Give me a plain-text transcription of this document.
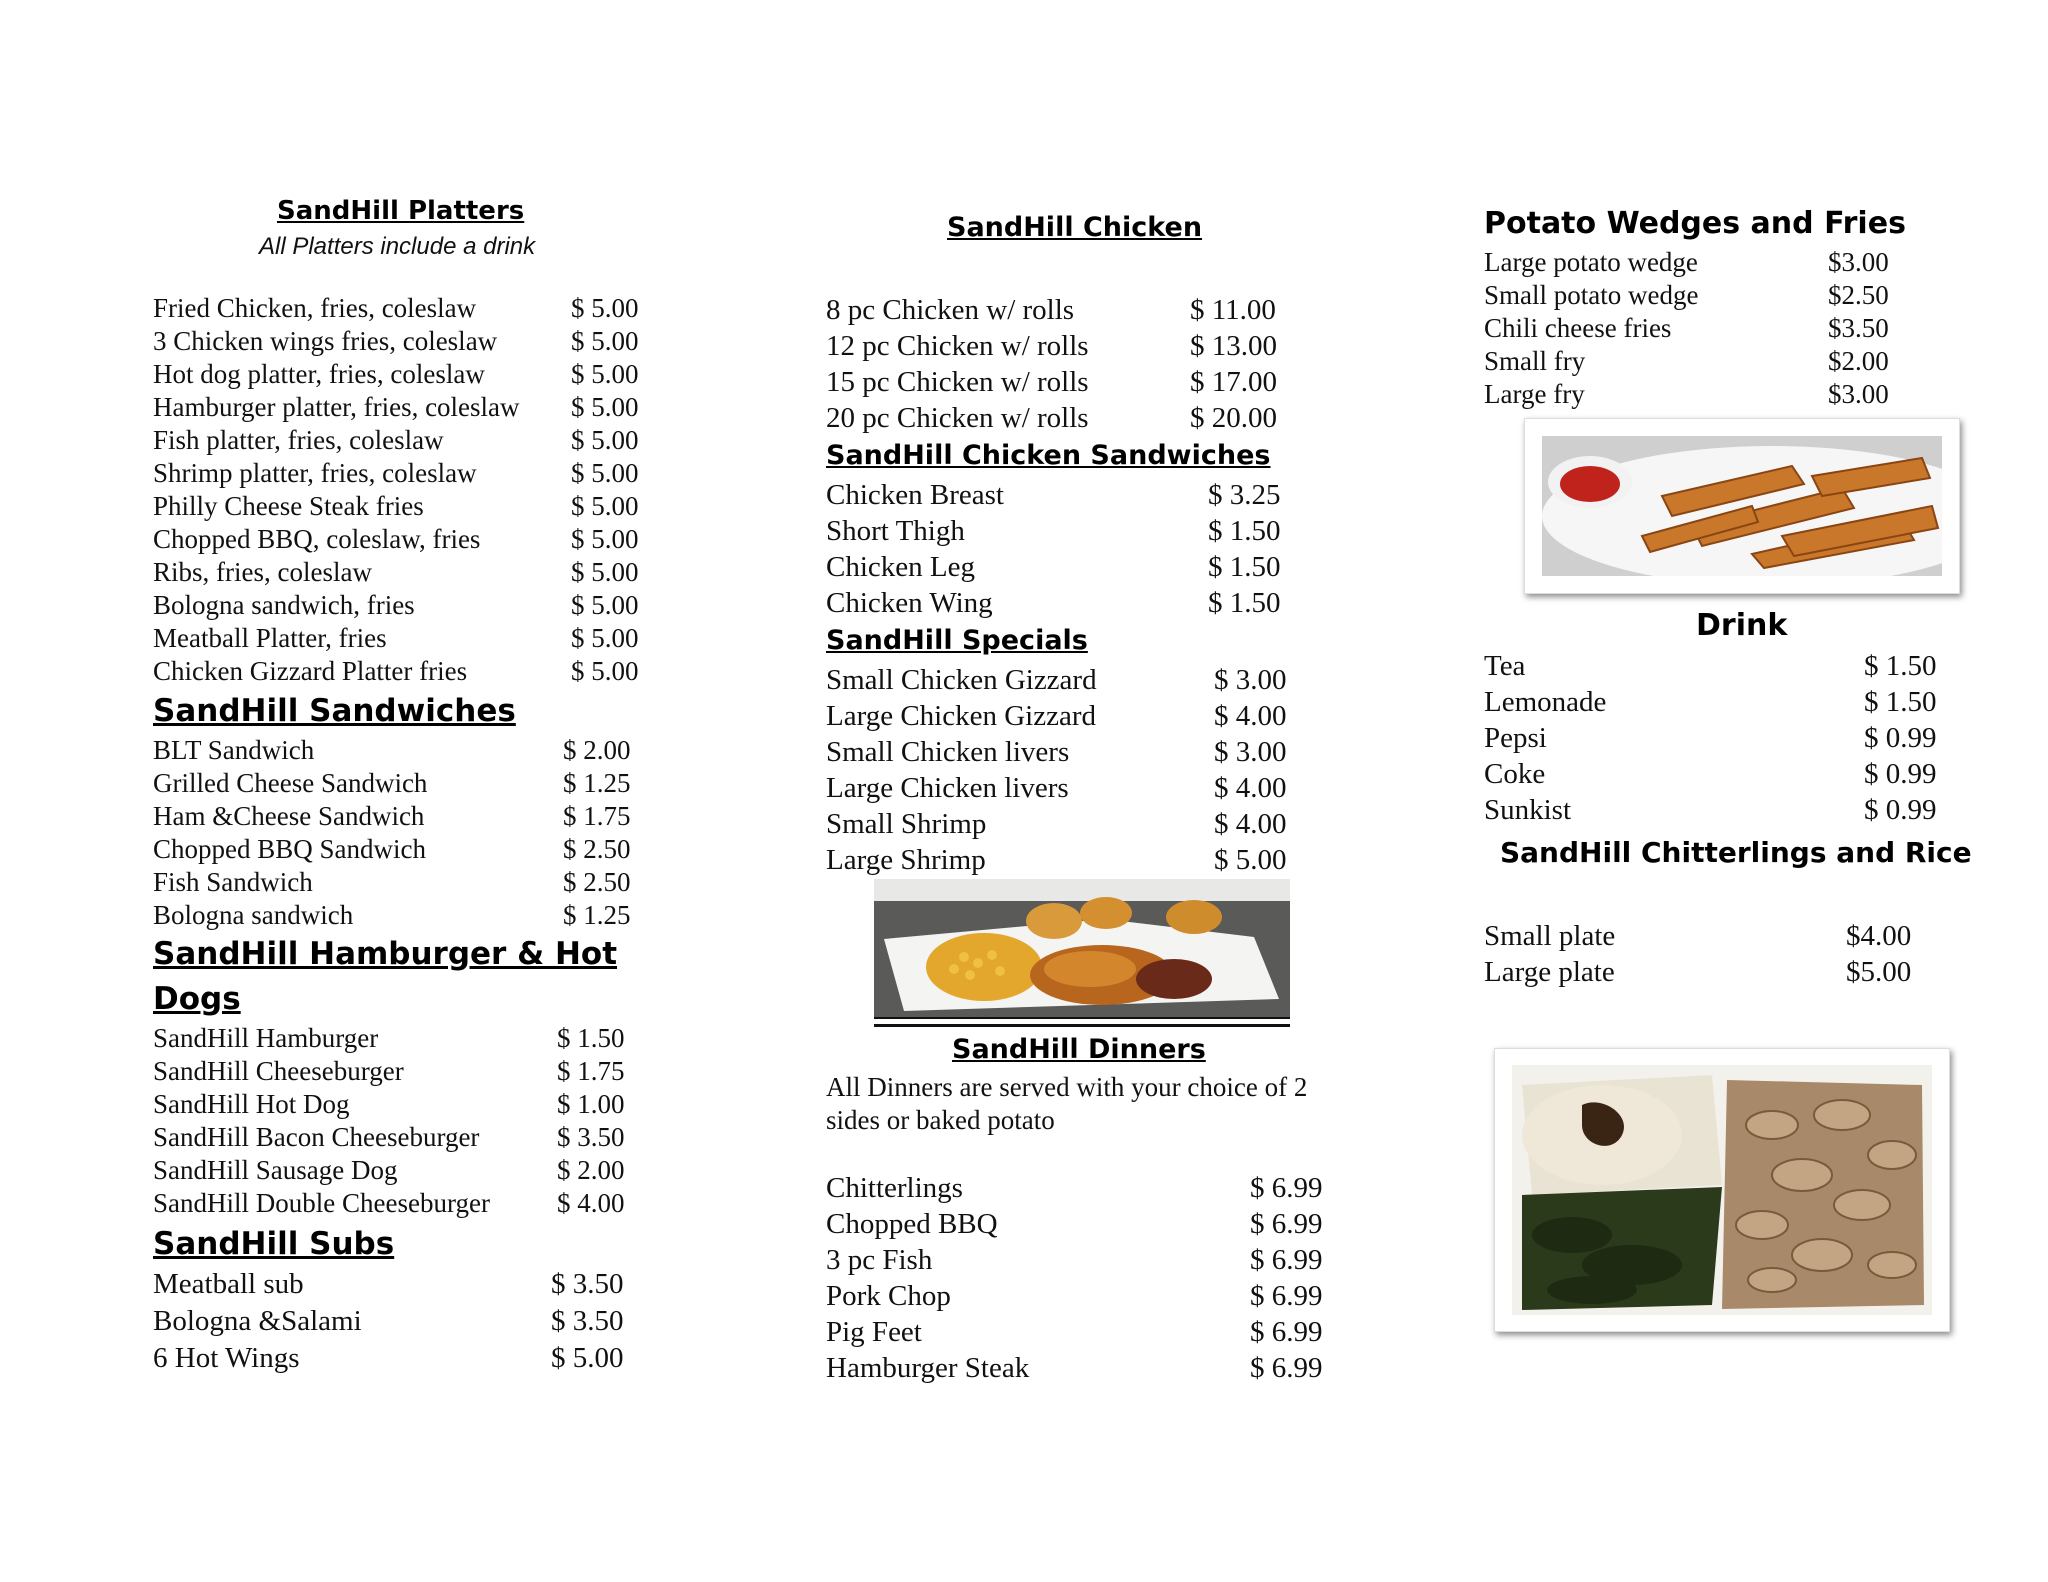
SandHill Platters
All Platters include a drink
Fried Chicken, fries, coleslaw	$ 5.00
3 Chicken wings fries, coleslaw	$ 5.00
Hot dog platter, fries, coleslaw	$ 5.00
Hamburger platter, fries, coleslaw $ 5.00
Fish platter, fries, coleslaw	$ 5.00
Shrimp platter, fries, coleslaw	$ 5.00
Philly Cheese Steak fries	$ 5.00
Chopped BBQ, coleslaw, fries	$ 5.00
Ribs, fries, coleslaw	$ 5.00
Bologna sandwich, fries	$ 5.00
Meatball Platter, fries	$ 5.00
Chicken Gizzard Platter fries	$ 5.00
SandHill Sandwiches
BLT Sandwich	$ 2.00
Grilled Cheese Sandwich	$ 1.25
Ham &Cheese Sandwich	$ 1.75
Chopped BBQ Sandwich	$ 2.50
Fish Sandwich	$ 2.50
Bologna sandwich	$ 1.25
SandHill Hamburger & Hot
Dogs
SandHill Hamburger	$ 1.50
SandHill Cheeseburger	$ 1.75
SandHill Hot Dog	$ 1.00
SandHill Bacon Cheeseburger	$ 3.50
SandHill Sausage Dog	$ 2.00
SandHill Double Cheeseburger $ 4.00
SandHill Subs
Meatball sub	$ 3.50
Bologna &Salami	$ 3.50
6 Hot Wings	$ 5.00
SandHill Chicken
8 pc Chicken w/ rolls	$ 11.00
12 pc Chicken w/ rolls	$ 13.00
15 pc Chicken w/ rolls	$ 17.00
20 pc Chicken w/ rolls	$ 20.00
SandHill Chicken Sandwiches
Chicken Breast	$ 3.25
Short Thigh	$ 1.50
Chicken Leg	$ 1.50
Chicken Wing	$ 1.50
SandHill Specials
Small Chicken Gizzard	$ 3.00
Large Chicken Gizzard	$ 4.00
Small Chicken livers	$ 3.00
Large Chicken livers	$ 4.00
Small Shrimp	$ 4.00
Large Shrimp	$ 5.00
SandHill Dinners
All Dinners are served with your choice of 2 sides or baked potato
Chitterlings	$ 6.99
Chopped BBQ	$ 6.99
3 pc Fish	$ 6.99
Pork Chop	$ 6.99
Pig Feet	$ 6.99
Hamburger Steak	$ 6.99
Potato Wedges and Fries
Large potato wedge	$3.00
Small potato wedge	$2.50
Chili cheese fries	$3.50
Small fry	$2.00
Large fry	$3.00
Drink
Tea	$ 1.50
Lemonade	$ 1.50
Pepsi	$ 0.99
Coke	$ 0.99
Sunkist	$ 0.99
SandHill Chitterlings and Rice
Small plate	$4.00
Large plate	$5.00
